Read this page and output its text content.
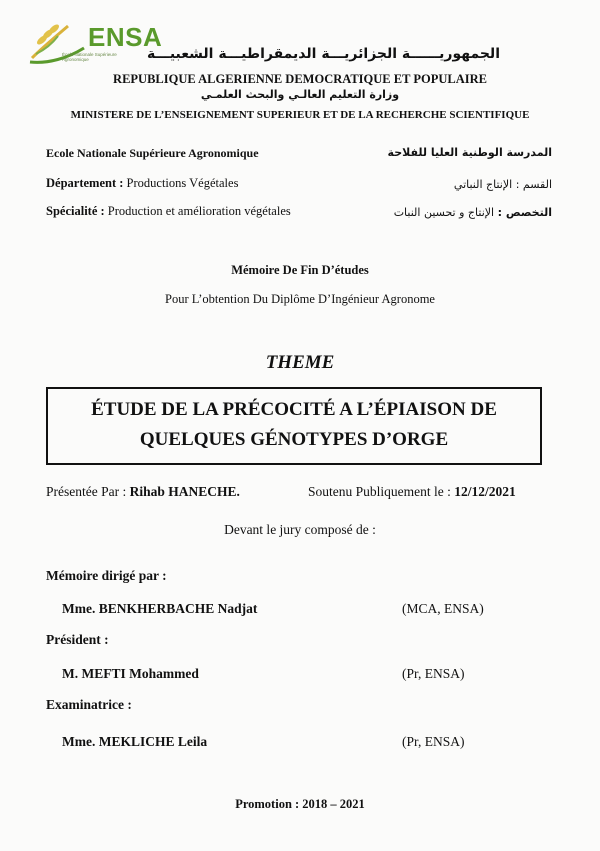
ENSA
École Nationale Supérieure Agronomique	الجمهوريــــــة الجزائريـــة الديمقراطيـــة الشعبيـــة
REPUBLIQUE ALGERIENNE DEMOCRATIQUE ET POPULAIRE
وزارة التعليم العالـي والبحث العلمـي
MINISTERE DE L’ENSEIGNEMENT SUPERIEUR ET DE LA RECHERCHE SCIENTIFIQUE
Ecole Nationale Supérieure Agronomique	المدرسة الوطنية العليا للفلاحة
Département : Productions Végétales	القسم : الإنتاج النباتي
Spécialité : Production et amélioration végétales	التخصص : الإنتاج و تحسين النبات
Mémoire De Fin D’études
Pour L’obtention Du Diplôme D’Ingénieur Agronome
THEME
ÉTUDE DE LA PRÉCOCITÉ A L’ÉPIAISON DE
QUELQUES GÉNOTYPES D’ORGE
Présentée Par : Rihab HANECHE.	Soutenu Publiquement le : 12/12/2021
Devant le jury composé de :
Mémoire dirigé par :
Mme. BENKHERBACHE Nadjat	(MCA, ENSA)
Président :
M. MEFTI Mohammed	(Pr, ENSA)
Examinatrice :
Mme. MEKLICHE Leila	(Pr, ENSA)
Promotion : 2018 – 2021
